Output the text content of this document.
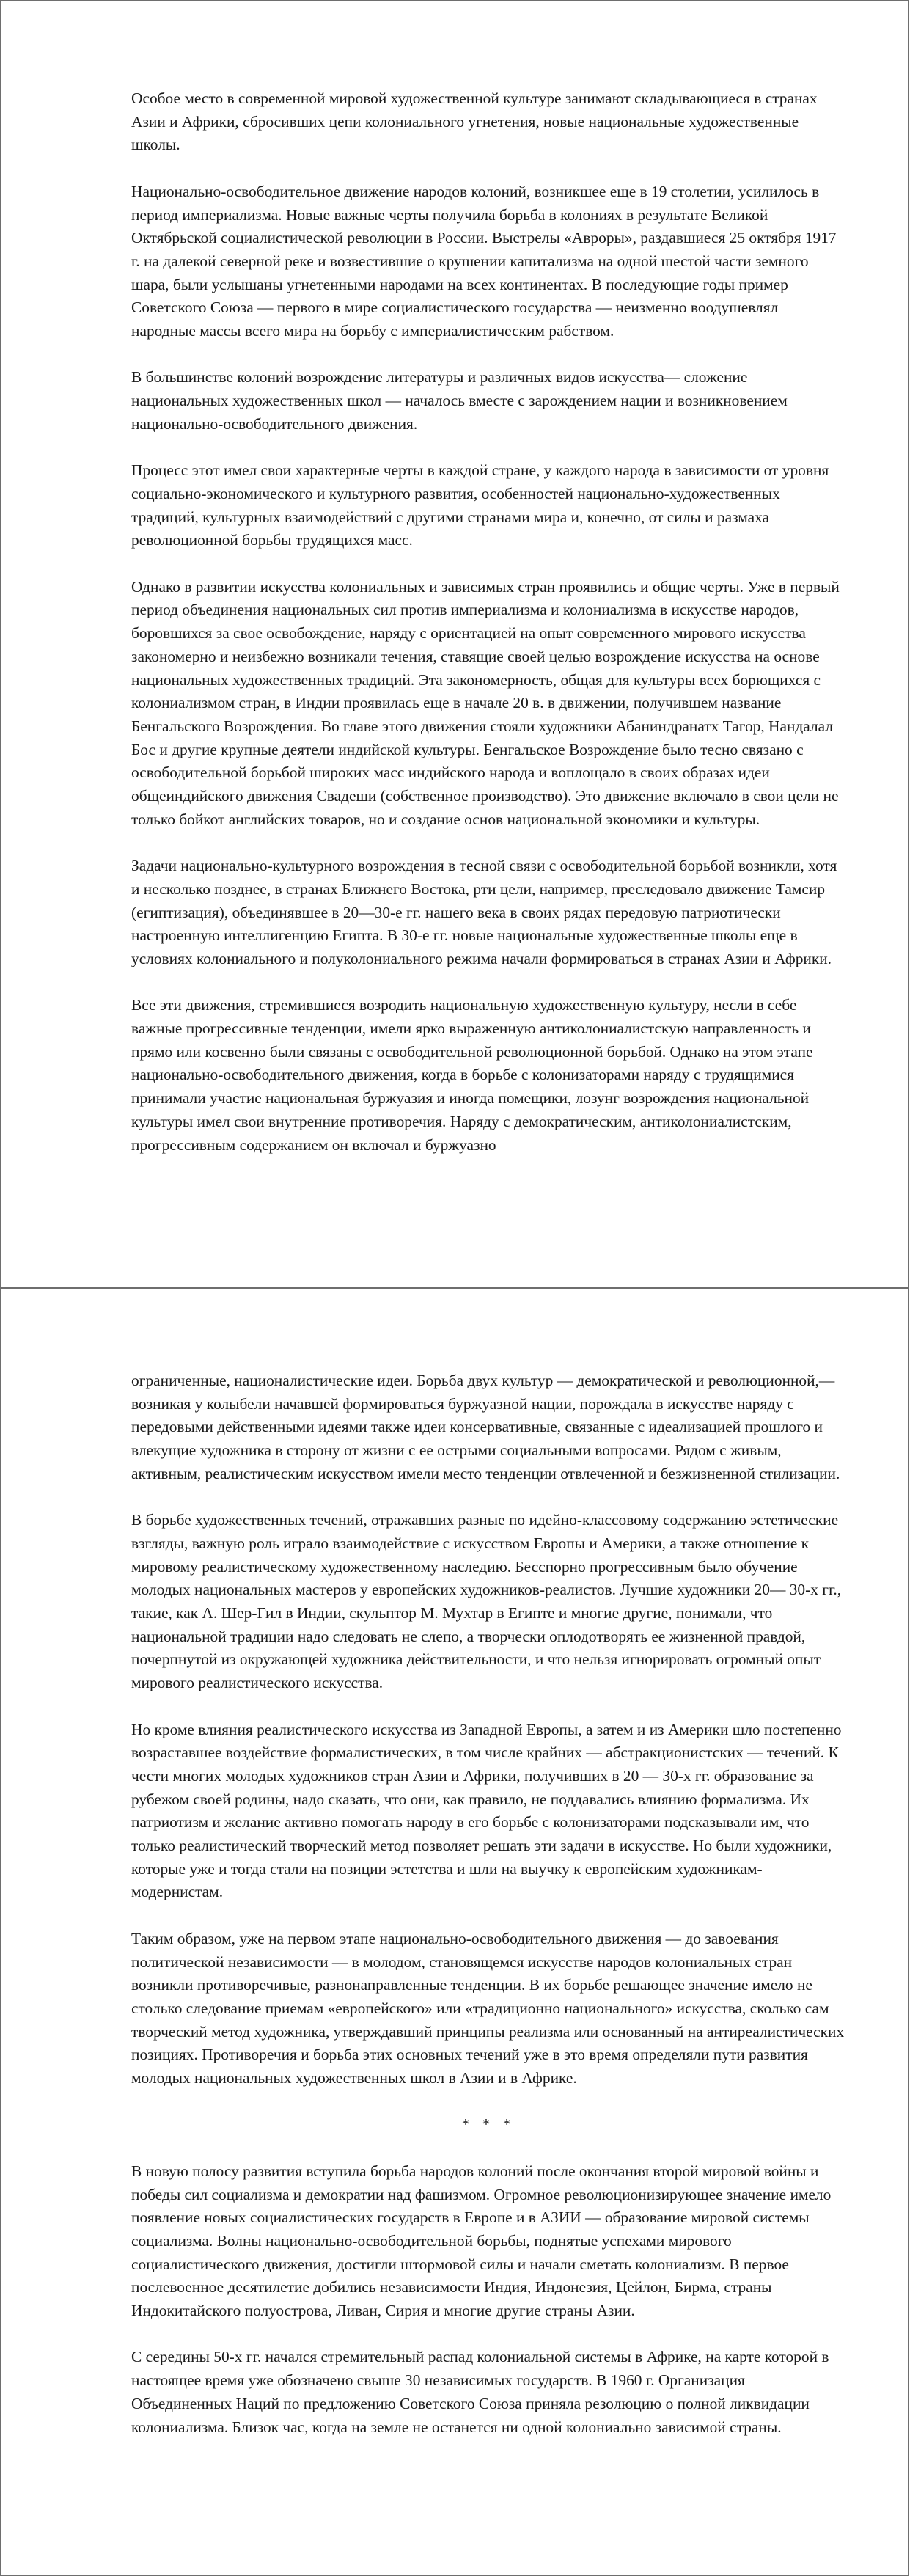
Особое место в современной мировой художественной культуре занимают складывающиеся в странах Азии и Африки, сбросивших цепи колониального угнетения, новые национальные художественные школы.

Национально-освободительное движение народов колоний, возникшее еще в 19 столетии, усилилось в период империализма. Новые важные черты получила борьба в колониях в результате Великой Октябрьской социалистической революции в России. Выстрелы «Авроры», раздавшиеся 25 октября 1917 г. на далекой северной реке и возвестившие о крушении капитализма на одной шестой части земного шара, были услышаны угнетенными народами на всех континентах. В последующие годы пример Советского Союза — первого в мире социалистического государства — неизменно воодушевлял народные массы всего мира на борьбу с империалистическим рабством.

В большинстве колоний возрождение литературы и различных видов искусства— сложение национальных художественных школ — началось вместе с зарождением нации и возникновением национально-освободительного движения.

Процесс этот имел свои характерные черты в каждой стране, у каждого народа в зависимости от уровня социально-экономического и культурного развития, особенностей национально-художественных традиций, культурных взаимодействий с другими странами мира и, конечно, от силы и размаха революционной борьбы трудящихся масс.

Однако в развитии искусства колониальных и зависимых стран проявились и общие черты. Уже в первый период объединения национальных сил против империализма и колониализма в искусстве народов, боровшихся за свое освобождение, наряду с ориентацией на опыт современного мирового искусства закономерно и неизбежно возникали течения, ставящие своей целью возрождение искусства на основе национальных художественных традиций. Эта закономерность, общая для культуры всех борющихся с колониализмом стран, в Индии проявилась еще в начале 20 в. в движении, получившем название Бенгальского Возрождения. Во главе этого движения стояли художники Абаниндранатх Тагор, Нандалал Бос и другие крупные деятели индийской культуры. Бенгальское Возрождение было тесно связано с освободительной борьбой широких масс индийского народа и воплощало в своих образах идеи общеиндийского движения Свадеши (собственное производство). Это движение включало в свои цели не только бойкот английских товаров, но и создание основ национальной экономики и культуры.

Задачи национально-культурного возрождения в тесной связи с освободительной борьбой возникли, хотя и несколько позднее, в странах Ближнего Востока, рти цели, например, преследовало движение Тамсир (египтизация), объединявшее в 20—30-е гг. нашего века в своих рядах передовую патриотически настроенную интеллигенцию Египта. В 30-е гг. новые национальные художественные школы еще в условиях колониального и полуколониального режима начали формироваться в странах Азии и Африки.

Все эти движения, стремившиеся возродить национальную художественную культуру, несли в себе важные прогрессивные тенденции, имели ярко выраженную антиколониалистскую направленность и прямо или косвенно были связаны с освободительной революционной борьбой. Однако на этом этапе национально-освободительного движения, когда в борьбе с колонизаторами наряду с трудящимися принимали участие национальная буржуазия и иногда помещики, лозунг возрождения национальной культуры имел свои внутренние противоречия. Наряду с демократическим, антиколониалистским, прогрессивным содержанием он включал и буржуазно

ограниченные, националистические идеи. Борьба двух культур — демократической и революционной,— возникая у колыбели начавшей формироваться буржуазной нации, порождала в искусстве наряду с передовыми действенными идеями также идеи консервативные, связанные с идеализацией прошлого и влекущие художника в сторону от жизни с ее острыми социальными вопросами. Рядом с живым, активным, реалистическим искусством имели место тенденции отвлеченной и безжизненной стилизации.

В борьбе художественных течений, отражавших разные по идейно-классовому содержанию эстетические взгляды, важную роль играло взаимодействие с искусством Европы и Америки, а также отношение к мировому реалистическому художественному наследию. Бесспорно прогрессивным было обучение молодых национальных мастеров у европейских художников-реалистов. Лучшие художники 20— 30-х гг., такие, как А. Шер-Гил в Индии, скульптор М. Мухтар в Египте и многие другие, понимали, что национальной традиции надо следовать не слепо, а творчески оплодотворять ее жизненной правдой, почерпнутой из окружающей художника действительности, и что нельзя игнорировать огромный опыт мирового реалистического искусства.

Но кроме влияния реалистического искусства из Западной Европы, а затем и из Америки шло постепенно возраставшее воздействие формалистических, в том числе крайних — абстракционистских — течений. К чести многих молодых художников стран Азии и Африки, получивших в 20 — 30-х гг. образование за рубежом своей родины, надо сказать, что они, как правило, не поддавались влиянию формализма. Их патриотизм и желание активно помогать народу в его борьбе с колонизаторами подсказывали им, что только реалистический творческий метод позволяет решать эти задачи в искусстве. Но были художники, которые уже и тогда стали на позиции эстетства и шли на выучку к европейским художникам-модернистам.

Таким образом, уже на первом этапе национально-освободительного движения — до завоевания политической независимости — в молодом, становящемся искусстве народов колониальных стран возникли противоречивые, разнонаправленные тенденции. В их борьбе решающее значение имело не столько следование приемам «европейского» или «традиционно национального» искусства, сколько сам творческий метод художника, утверждавший принципы реализма или основанный на антиреалистических позициях. Противоречия и борьба этих основных течений уже в это время определяли пути развития молодых национальных художественных школ в Азии и в Африке.

* * *

В новую полосу развития вступила борьба народов колоний после окончания второй мировой войны и победы сил социализма и демократии над фашизмом. Огромное революционизирующее значение имело появление новых социалистических государств в Европе и в АЗИИ — образование мировой системы социализма. Волны национально-освободительной борьбы, поднятые успехами мирового социалистического движения, достигли штормовой силы и начали сметать колониализм. В первое послевоенное десятилетие добились независимости Индия, Индонезия, Цейлон, Бирма, страны Индокитайского полуострова, Ливан, Сирия и многие другие страны Азии.

С середины 50-х гг. начался стремительный распад колониальной системы в Африке, на карте которой в настоящее время уже обозначено свыше 30 независимых государств. В 1960 г. Организация Объединенных Наций по предложению Советского Союза приняла резолюцию о полной ликвидации колониализма. Близок час, когда на земле не останется ни одной колониально зависимой страны.
